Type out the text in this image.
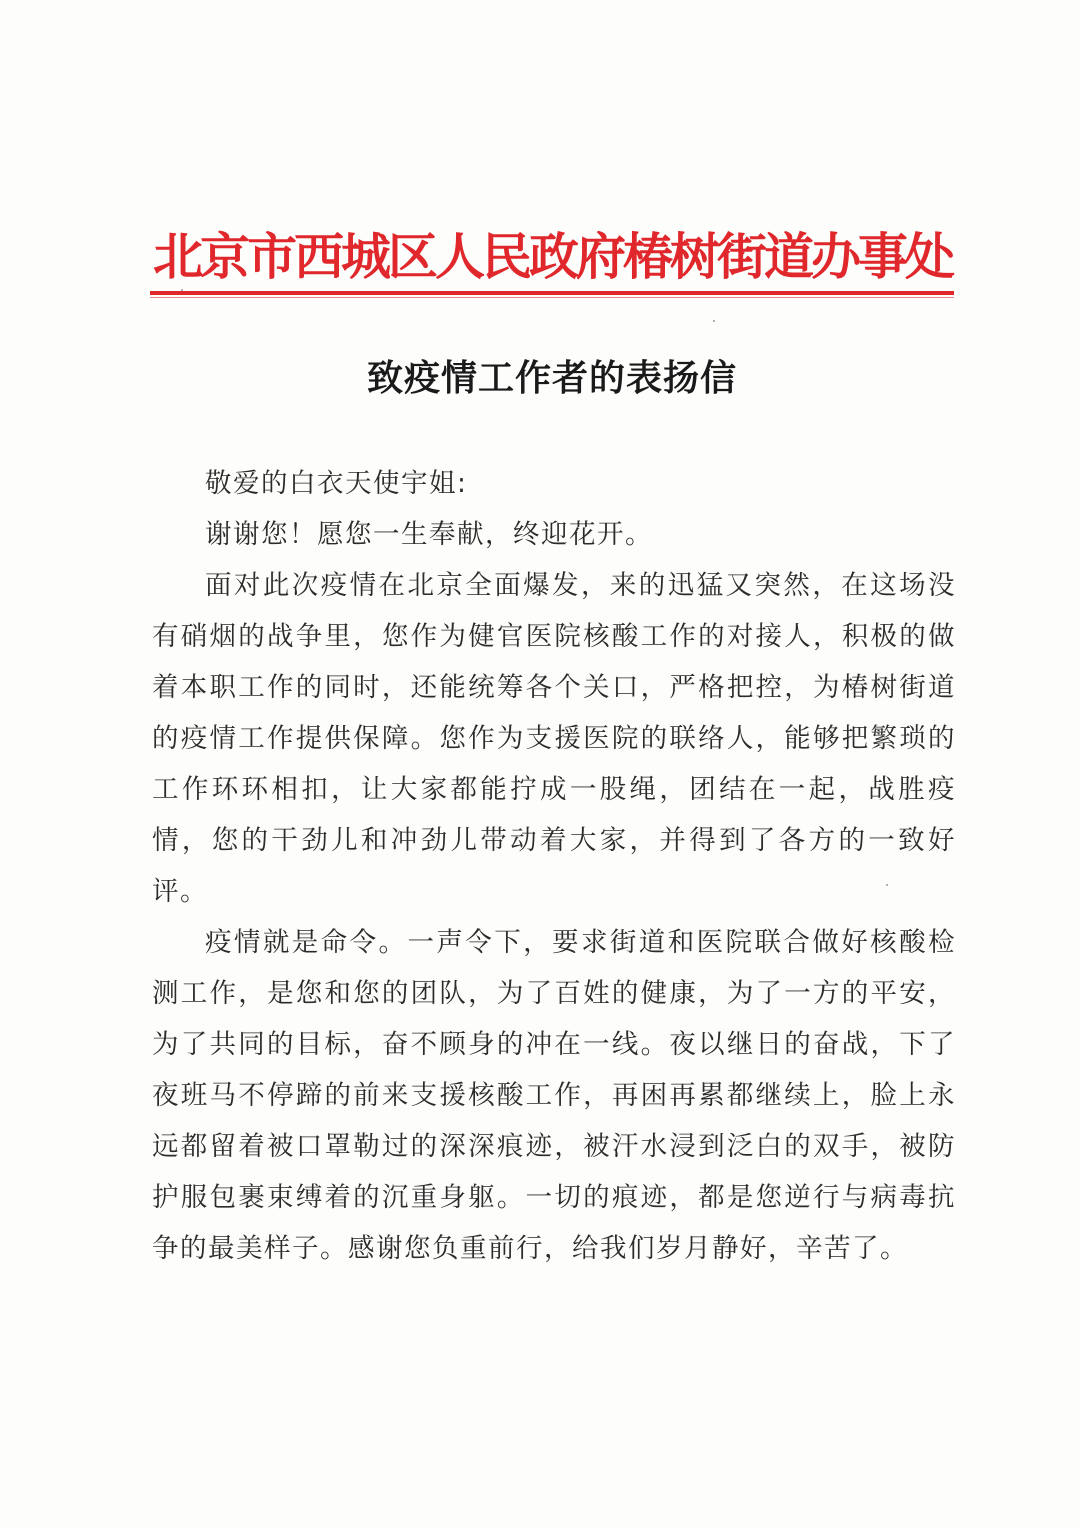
北京市西城区人民政府椿树街道办事处
致疫情工作者的表扬信

敬爱的白衣天使宇姐:

谢谢您！愿您一生奉献，终迎花开。

面对此次疫情在北京全面爆发，来的迅猛又突然，在这场没有硝烟的战争里，您作为健官医院核酸工作的对接人，积极的做着本职工作的同时，还能统筹各个关口，严格把控，为椿树街道的疫情工作提供保障。您作为支援医院的联络人，能够把繁琐的工作环环相扣，让大家都能拧成一股绳，团结在一起，战胜疫情，您的干劲儿和冲劲儿带动着大家，并得到了各方的一致好评。

疫情就是命令。一声令下，要求街道和医院联合做好核酸检测工作，是您和您的团队，为了百姓的健康，为了一方的平安，为了共同的目标，奋不顾身的冲在一线。夜以继日的奋战，下了夜班马不停蹄的前来支援核酸工作，再困再累都继续上，脸上永远都留着被口罩勒过的深深痕迹，被汗水浸到泛白的双手，被防护服包裹束缚着的沉重身躯。一切的痕迹，都是您逆行与病毒抗争的最美样子。感谢您负重前行，给我们岁月静好，辛苦了。
